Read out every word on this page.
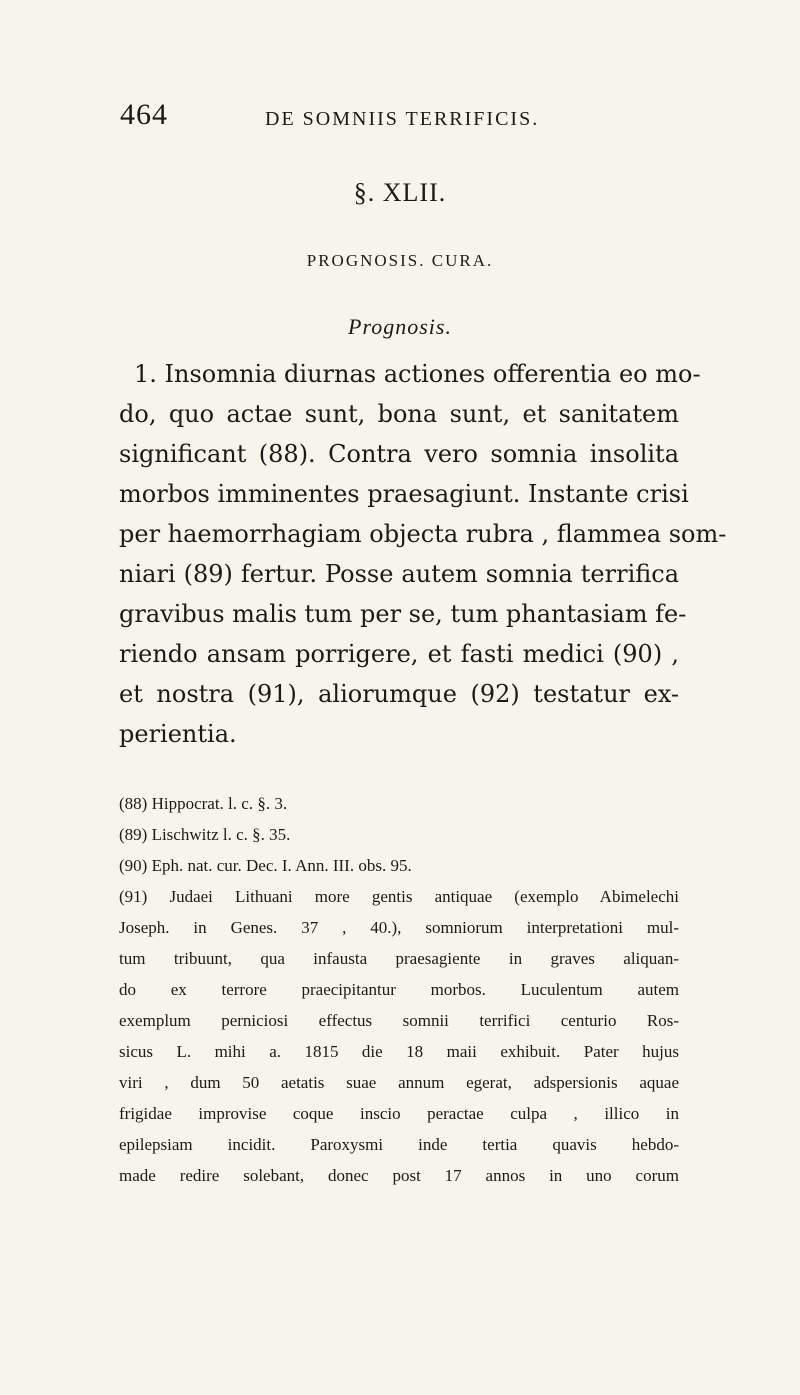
464	DE SOMNIIS TERRIFICIS.
§. XLII.
PROGNOSIS. CURA.
Prognosis.
1. Insomnia diurnas actiones offerentia eo mo-
do, quo actae sunt, bona sunt, et sanitatem
significant (88). Contra vero somnia insolita
morbos imminentes praesagiunt. Instante crisi
per haemorrhagiam objecta rubra , flammea som-
niari (89) fertur. Posse autem somnia terrifica
gravibus malis tum per se, tum phantasiam fe-
riendo ansam porrigere, et fasti medici (90) ,
et nostra (91), aliorumque (92) testatur ex-
perientia.
(88) Hippocrat. l. c. §. 3.
(89) Lischwitz l. c. §. 35.
(90) Eph. nat. cur. Dec. I. Ann. III. obs. 95.
(91) Judaei Lithuani more gentis antiquae (exemplo Abimelechi
Joseph. in Genes. 37 , 40.), somniorum interpretationi mul-
tum tribuunt, qua infausta praesagiente in graves aliquan-
do ex terrore praecipitantur morbos. Luculentum autem
exemplum perniciosi effectus somnii terrifici centurio Ros-
sicus L. mihi a. 1815 die 18 maii exhibuit. Pater hujus
viri , dum 50 aetatis suae annum egerat, adspersionis aquae
frigidae improvise coque inscio peractae culpa , illico in
epilepsiam incidit. Paroxysmi inde tertia quavis hebdo-
made redire solebant, donec post 17 annos in uno corum
